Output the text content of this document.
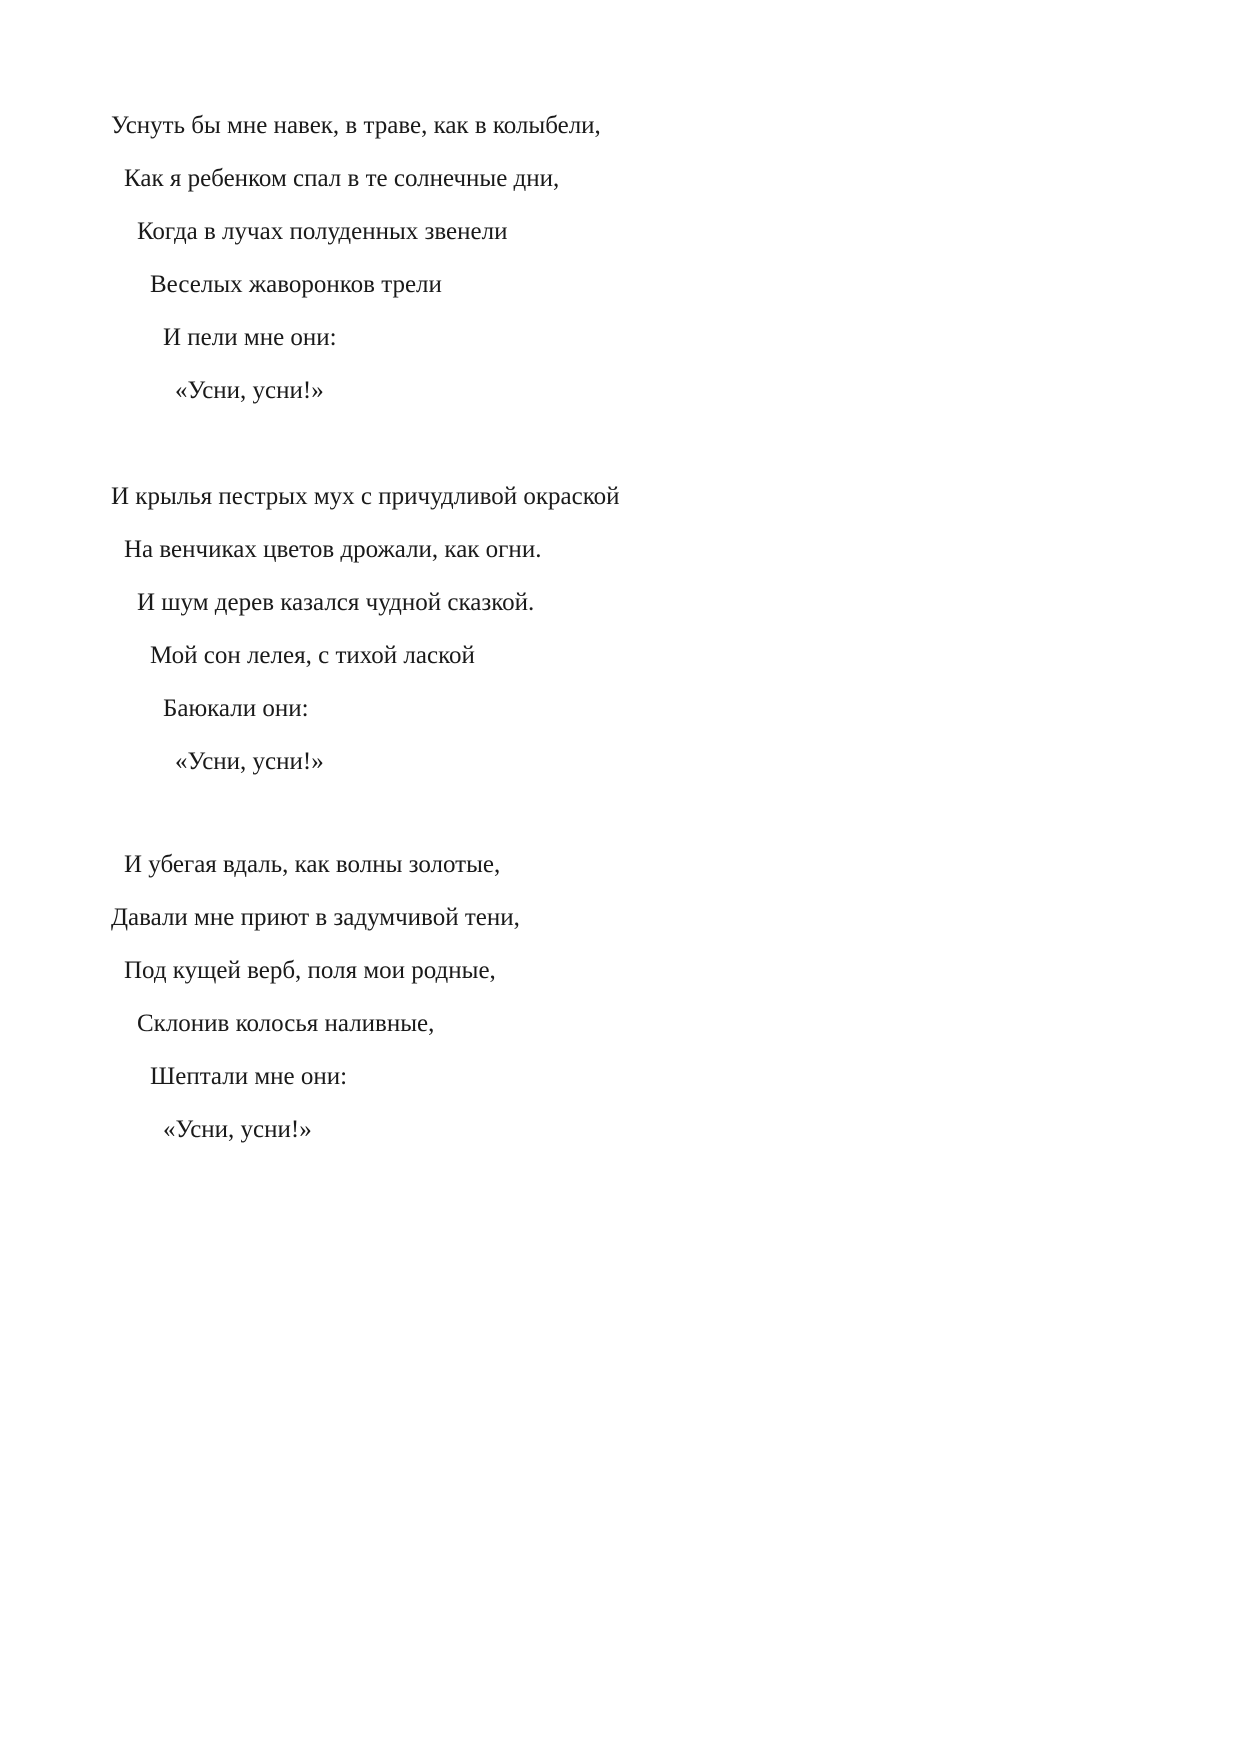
Уснуть бы мне навек, в траве, как в колыбели,
Как я ребенком спал в те солнечные дни,
Когда в лучах полуденных звенели
Веселых жаворонков трели
И пели мне они:
«Усни, усни!»
И крылья пестрых мух с причудливой окраской
На венчиках цветов дрожали, как огни.
И шум дерев казался чудной сказкой.
Мой сон лелея, с тихой лаской
Баюкали они:
«Усни, усни!»
И убегая вдаль, как волны золотые,
Давали мне приют в задумчивой тени,
Под кущей верб, поля мои родные,
Склонив колосья наливные,
Шептали мне они:
«Усни, усни!»
